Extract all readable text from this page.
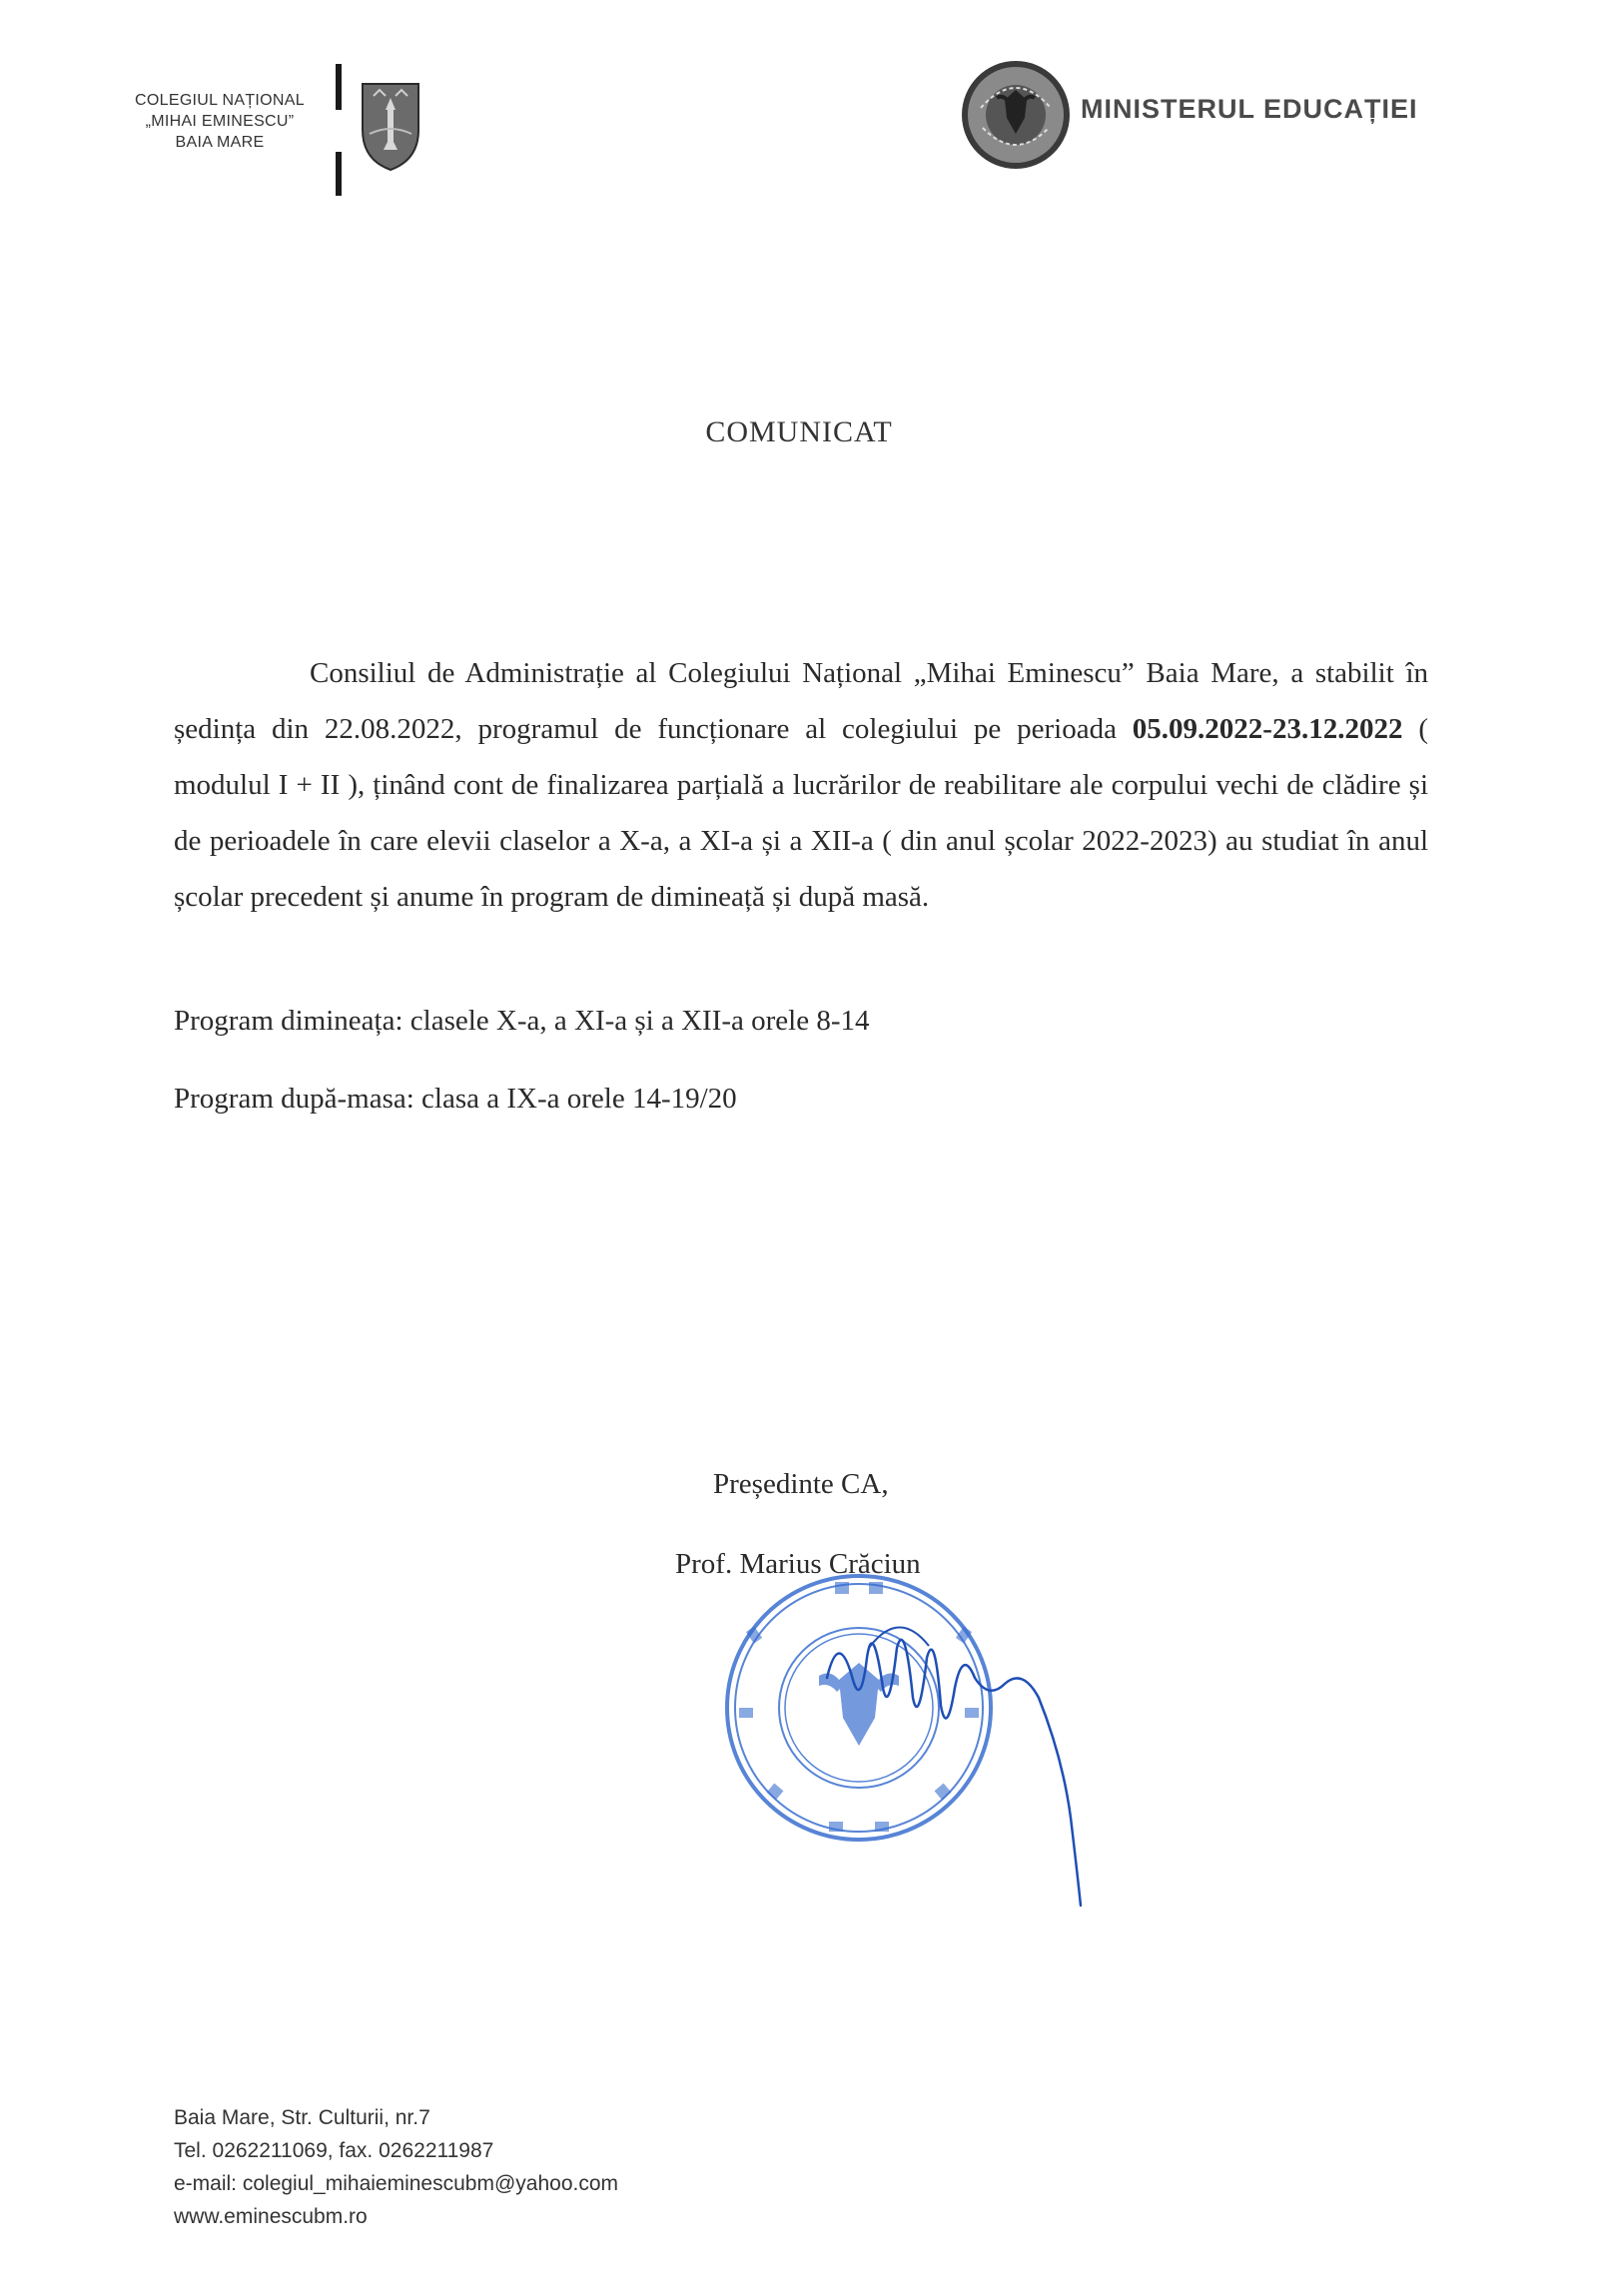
COLEGIUL NAȚIONAL
„MIHAI EMINESCU”
BAIA MARE
GUVERNUL ROMÂNIEI
MINISTERUL EDUCAȚIEI
COMUNICAT

Consiliul de Administrație al Colegiului Național „Mihai Eminescu” Baia Mare, a stabilit în ședința din 22.08.2022, programul de funcționare al colegiului pe perioada 05.09.2022-23.12.2022 ( modulul I + II ), ținând cont de finalizarea parțială a lucrărilor de reabilitare ale corpului vechi de clădire și de perioadele în care elevii claselor a X-a, a XI-a și a XII-a ( din anul școlar 2022-2023) au studiat în anul școlar precedent și anume în program de dimineață și după masă.

Program dimineața: clasele X-a, a XI-a și a XII-a orele 8-14
Program după-masa: clasa a IX-a orele 14-19/20
Președinte CA,
Prof. Marius Crăciun
Baia Mare, Str. Culturii, nr.7
Tel. 0262211069, fax. 0262211987
e-mail: colegiul_mihaieminescubm@yahoo.com
www.eminescubm.ro
